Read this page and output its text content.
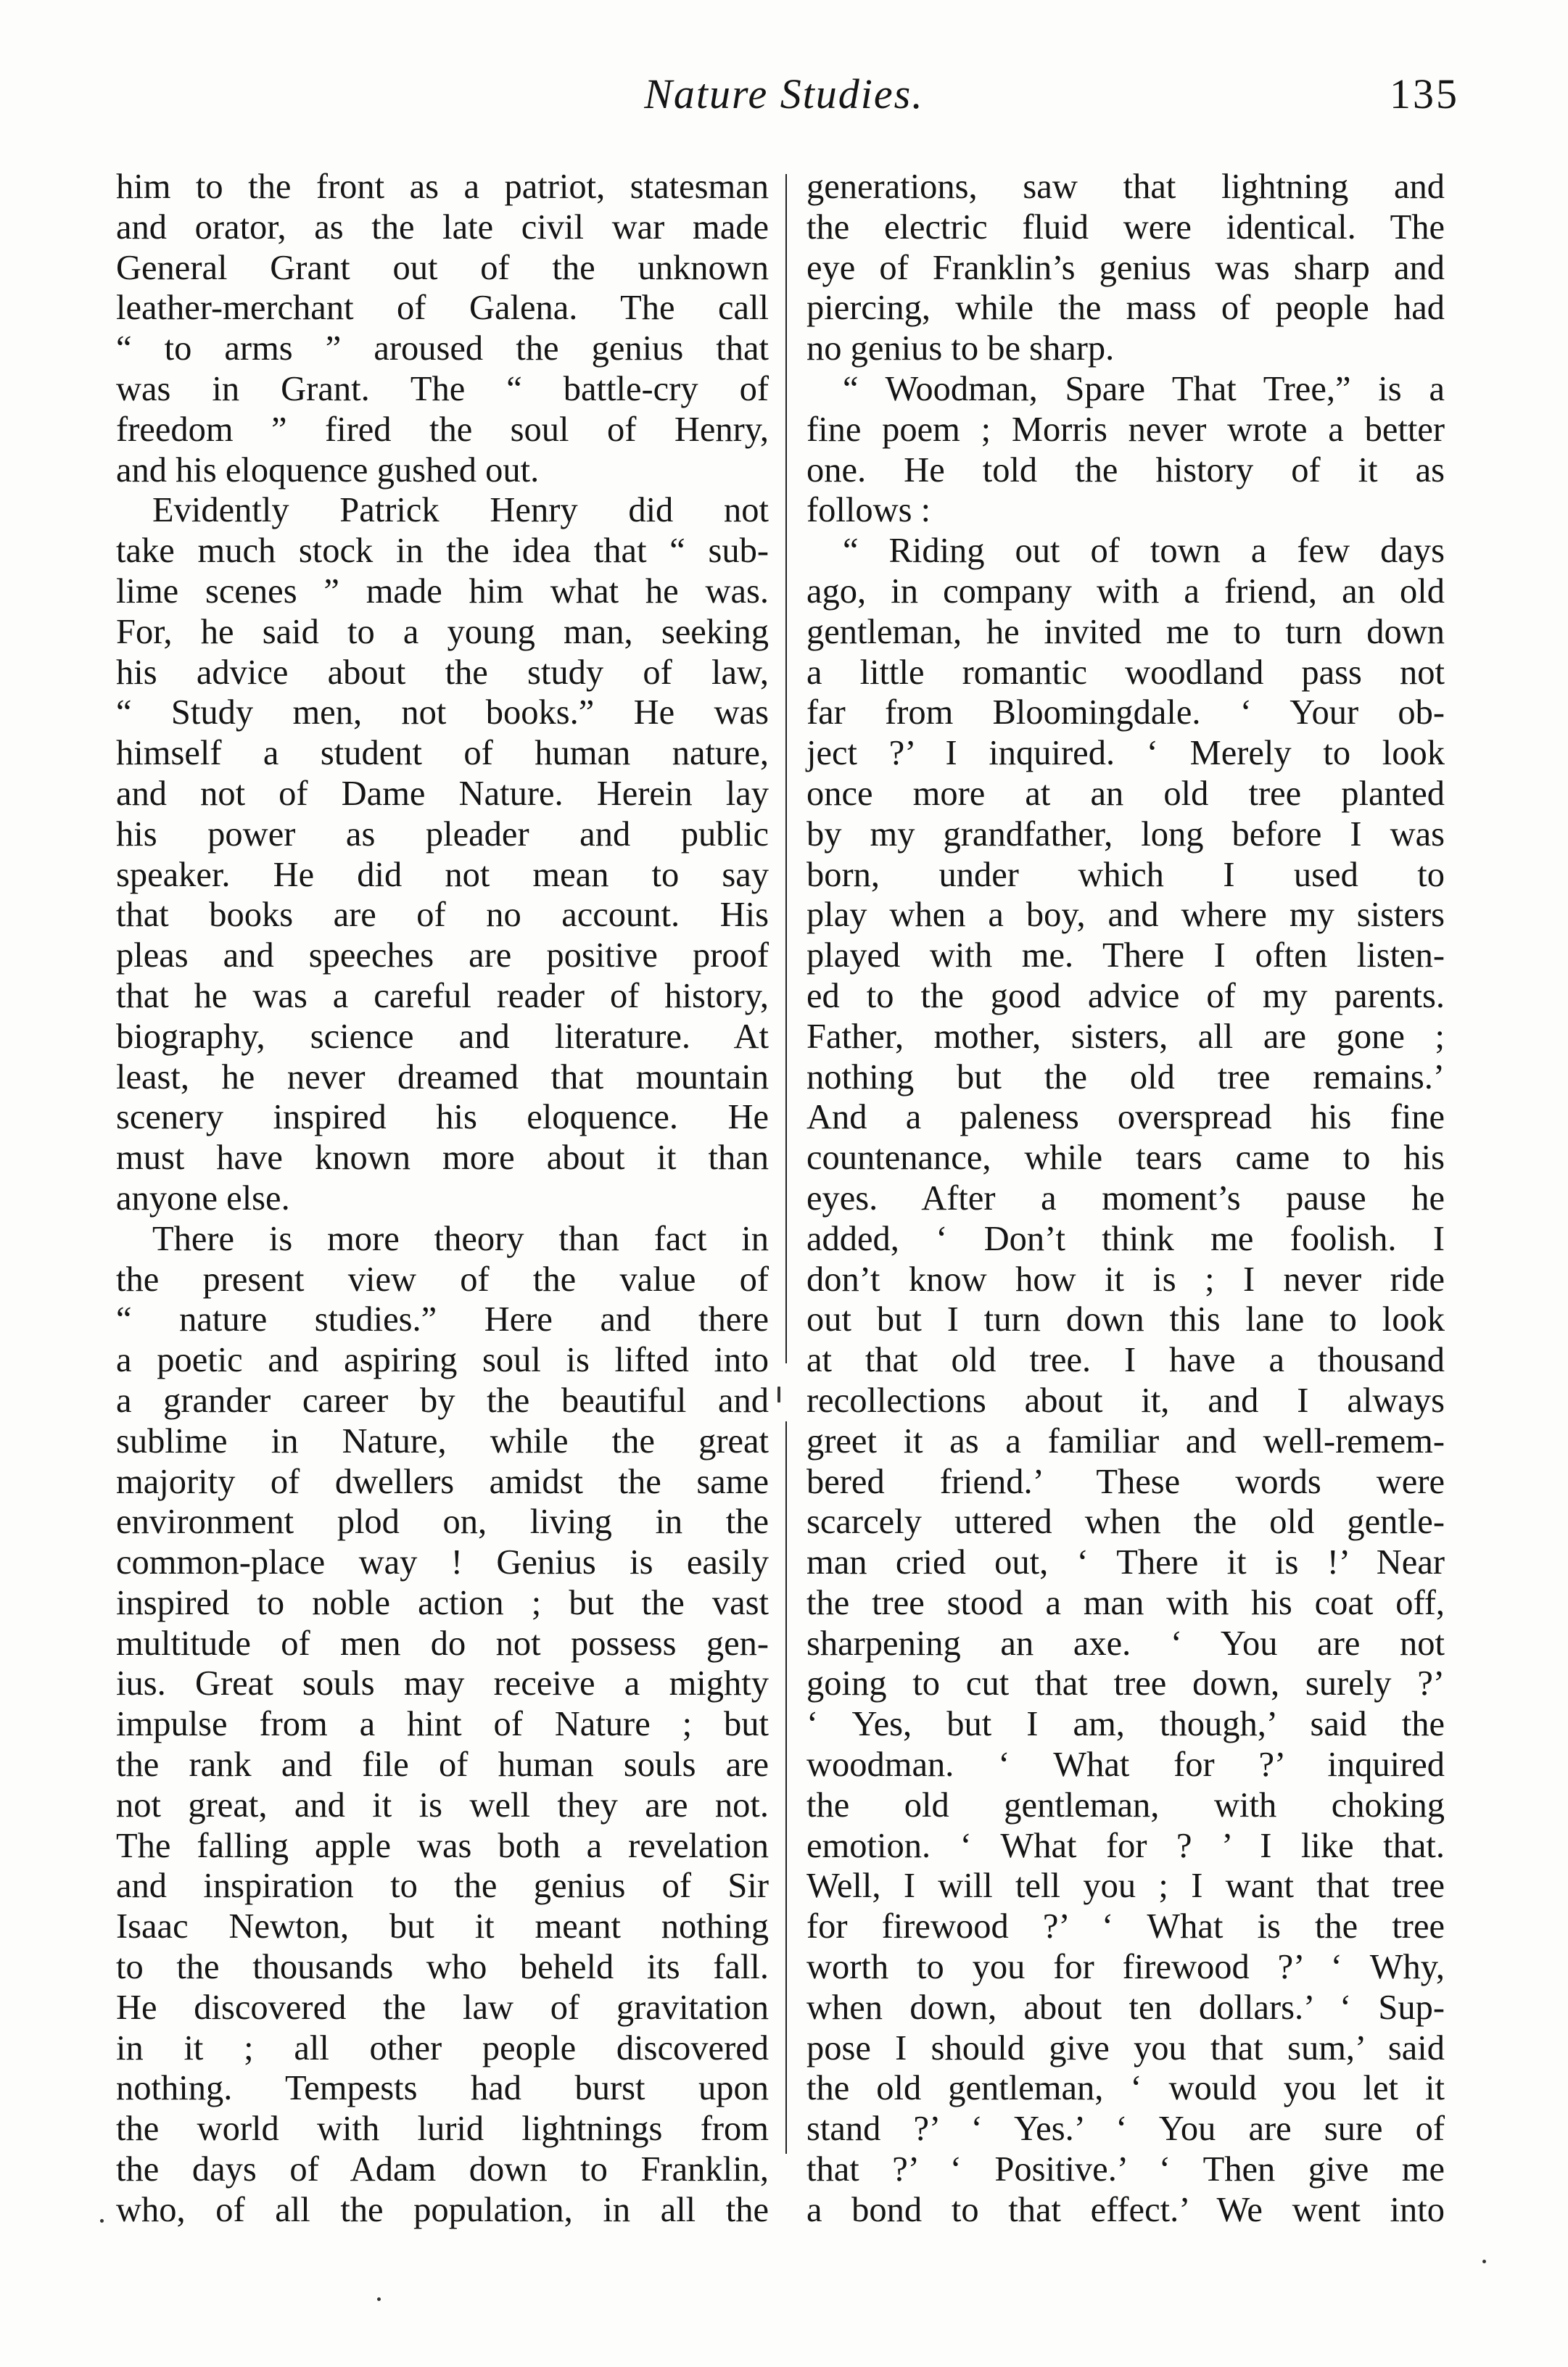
Nature Studies.	135
him to the front as a patriot, statesman
and orator, as the late civil war made
General Grant out of the unknown
leather-merchant of Galena. The call
“ to arms ” aroused the genius that
was in Grant. The “ battle-cry of
freedom ” fired the soul of Henry,
and his eloquence gushed out.
Evidently Patrick Henry did not
take much stock in the idea that “ sub-
lime scenes ” made him what he was.
For, he said to a young man, seeking
his advice about the study of law,
“ Study men, not books.” He was
himself a student of human nature,
and not of Dame Nature. Herein lay
his power as pleader and public
speaker. He did not mean to say
that books are of no account. His
pleas and speeches are positive proof
that he was a careful reader of history,
biography, science and literature. At
least, he never dreamed that mountain
scenery inspired his eloquence. He
must have known more about it than
anyone else.
There is more theory than fact in
the present view of the value of
“ nature studies.” Here and there
a poetic and aspiring soul is lifted into
a grander career by the beautiful and
sublime in Nature, while the great
majority of dwellers amidst the same
environment plod on, living in the
common-place way ! Genius is easily
inspired to noble action ; but the vast
multitude of men do not possess gen-
ius. Great souls may receive a mighty
impulse from a hint of Nature ; but
the rank and file of human souls are
not great, and it is well they are not.
The falling apple was both a revelation
and inspiration to the genius of Sir
Isaac Newton, but it meant nothing
to the thousands who beheld its fall.
He discovered the law of gravitation
in it ; all other people discovered
nothing. Tempests had burst upon
the world with lurid lightnings from
the days of Adam down to Franklin,
who, of all the population, in all the
generations, saw that lightning and
the electric fluid were identical. The
eye of Franklin’s genius was sharp and
piercing, while the mass of people had
no genius to be sharp.
“ Woodman, Spare That Tree,” is a
fine poem ; Morris never wrote a better
one. He told the history of it as
follows :
“ Riding out of town a few days
ago, in company with a friend, an old
gentleman, he invited me to turn down
a little romantic woodland pass not
far from Bloomingdale. ‘ Your ob-
ject ?’ I inquired. ‘ Merely to look
once more at an old tree planted
by my grandfather, long before I was
born, under which I used to
play when a boy, and where my sisters
played with me. There I often listen-
ed to the good advice of my parents.
Father, mother, sisters, all are gone ;
nothing but the old tree remains.’
And a paleness overspread his fine
countenance, while tears came to his
eyes. After a moment’s pause he
added, ‘ Don’t think me foolish. I
don’t know how it is ; I never ride
out but I turn down this lane to look
at that old tree. I have a thousand
recollections about it, and I always
greet it as a familiar and well-remem-
bered friend.’ These words were
scarcely uttered when the old gentle-
man cried out, ‘ There it is !’ Near
the tree stood a man with his coat off,
sharpening an axe. ‘ You are not
going to cut that tree down, surely ?’
‘ Yes, but I am, though,’ said the
woodman. ‘ What for ?’ inquired
the old gentleman, with choking
emotion. ‘ What for ? ’ I like that.
Well, I will tell you ; I want that tree
for firewood ?’ ‘ What is the tree
worth to you for firewood ?’ ‘ Why,
when down, about ten dollars.’ ‘ Sup-
pose I should give you that sum,’ said
the old gentleman, ‘ would you let it
stand ?’ ‘ Yes.’ ‘ You are sure of
that ?’ ‘ Positive.’ ‘ Then give me
a bond to that effect.’ We went into
